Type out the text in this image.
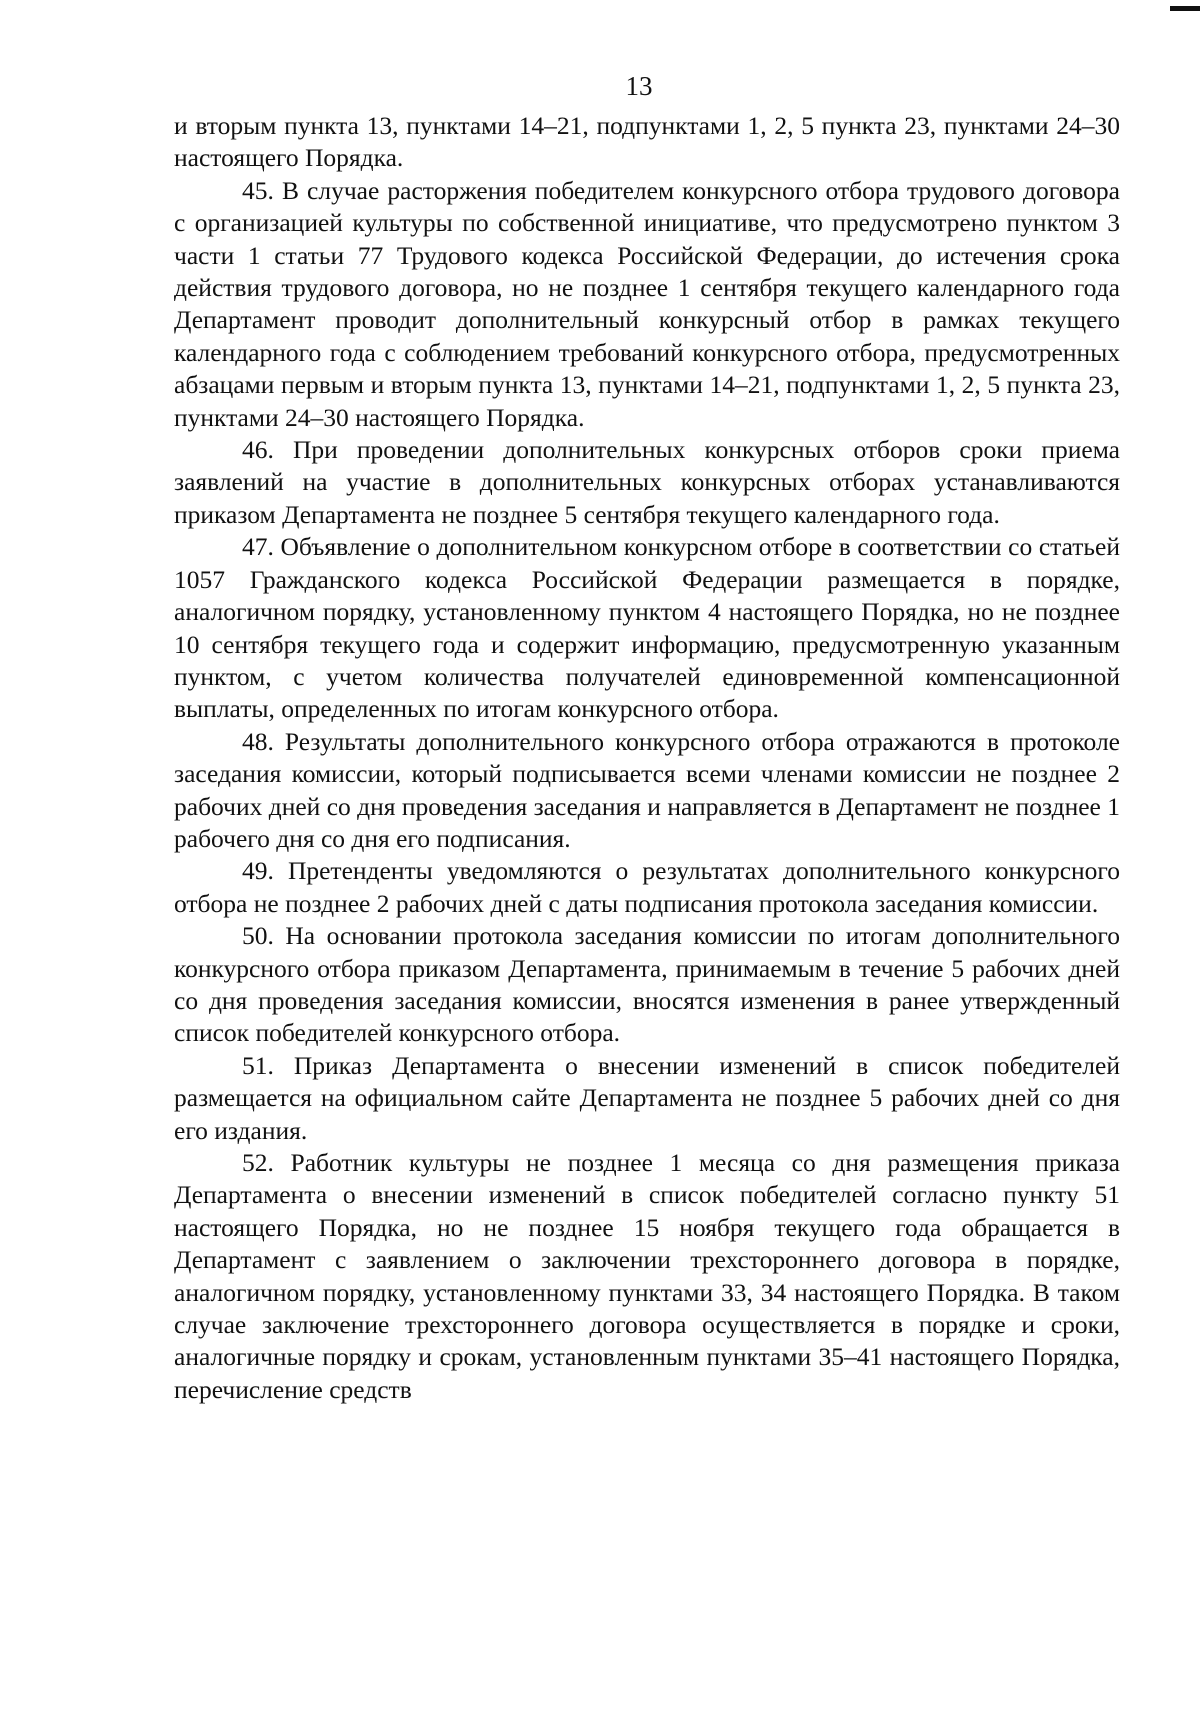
13

и вторым пункта 13, пунктами 14–21, подпунктами 1, 2, 5 пункта 23, пунктами 24–30 настоящего Порядка.

45. В случае расторжения победителем конкурсного отбора трудового договора с организацией культуры по собственной инициативе, что предусмотрено пунктом 3 части 1 статьи 77 Трудового кодекса Российской Федерации, до истечения срока действия трудового договора, но не позднее 1 сентября текущего календарного года Департамент проводит дополнительный конкурсный отбор в рамках текущего календарного года с соблюдением требований конкурсного отбора, предусмотренных абзацами первым и вторым пункта 13, пунктами 14–21, подпунктами 1, 2, 5 пункта 23, пунктами 24–30 настоящего Порядка.

46. При проведении дополнительных конкурсных отборов сроки приема заявлений на участие в дополнительных конкурсных отборах устанавливаются приказом Департамента не позднее 5 сентября текущего календарного года.

47. Объявление о дополнительном конкурсном отборе в соответствии со статьей 1057 Гражданского кодекса Российской Федерации размещается в порядке, аналогичном порядку, установленному пунктом 4 настоящего Порядка, но не позднее 10 сентября текущего года и содержит информацию, предусмотренную указанным пунктом, с учетом количества получателей единовременной компенсационной выплаты, определенных по итогам конкурсного отбора.

48. Результаты дополнительного конкурсного отбора отражаются в протоколе заседания комиссии, который подписывается всеми членами комиссии не позднее 2 рабочих дней со дня проведения заседания и направляется в Департамент не позднее 1 рабочего дня со дня его подписания.

49. Претенденты уведомляются о результатах дополнительного конкурсного отбора не позднее 2 рабочих дней с даты подписания протокола заседания комиссии.

50. На основании протокола заседания комиссии по итогам дополнительного конкурсного отбора приказом Департамента, принимаемым в течение 5 рабочих дней со дня проведения заседания комиссии, вносятся изменения в ранее утвержденный список победителей конкурсного отбора.

51. Приказ Департамента о внесении изменений в список победителей размещается на официальном сайте Департамента не позднее 5 рабочих дней со дня его издания.

52. Работник культуры не позднее 1 месяца со дня размещения приказа Департамента о внесении изменений в список победителей согласно пункту 51 настоящего Порядка, но не позднее 15 ноября текущего года обращается в Департамент с заявлением о заключении трехстороннего договора в порядке, аналогичном порядку, установленному пунктами 33, 34 настоящего Порядка. В таком случае заключение трехстороннего договора осуществляется в порядке и сроки, аналогичные порядку и срокам, установленным пунктами 35–41 настоящего Порядка, перечисление средств
